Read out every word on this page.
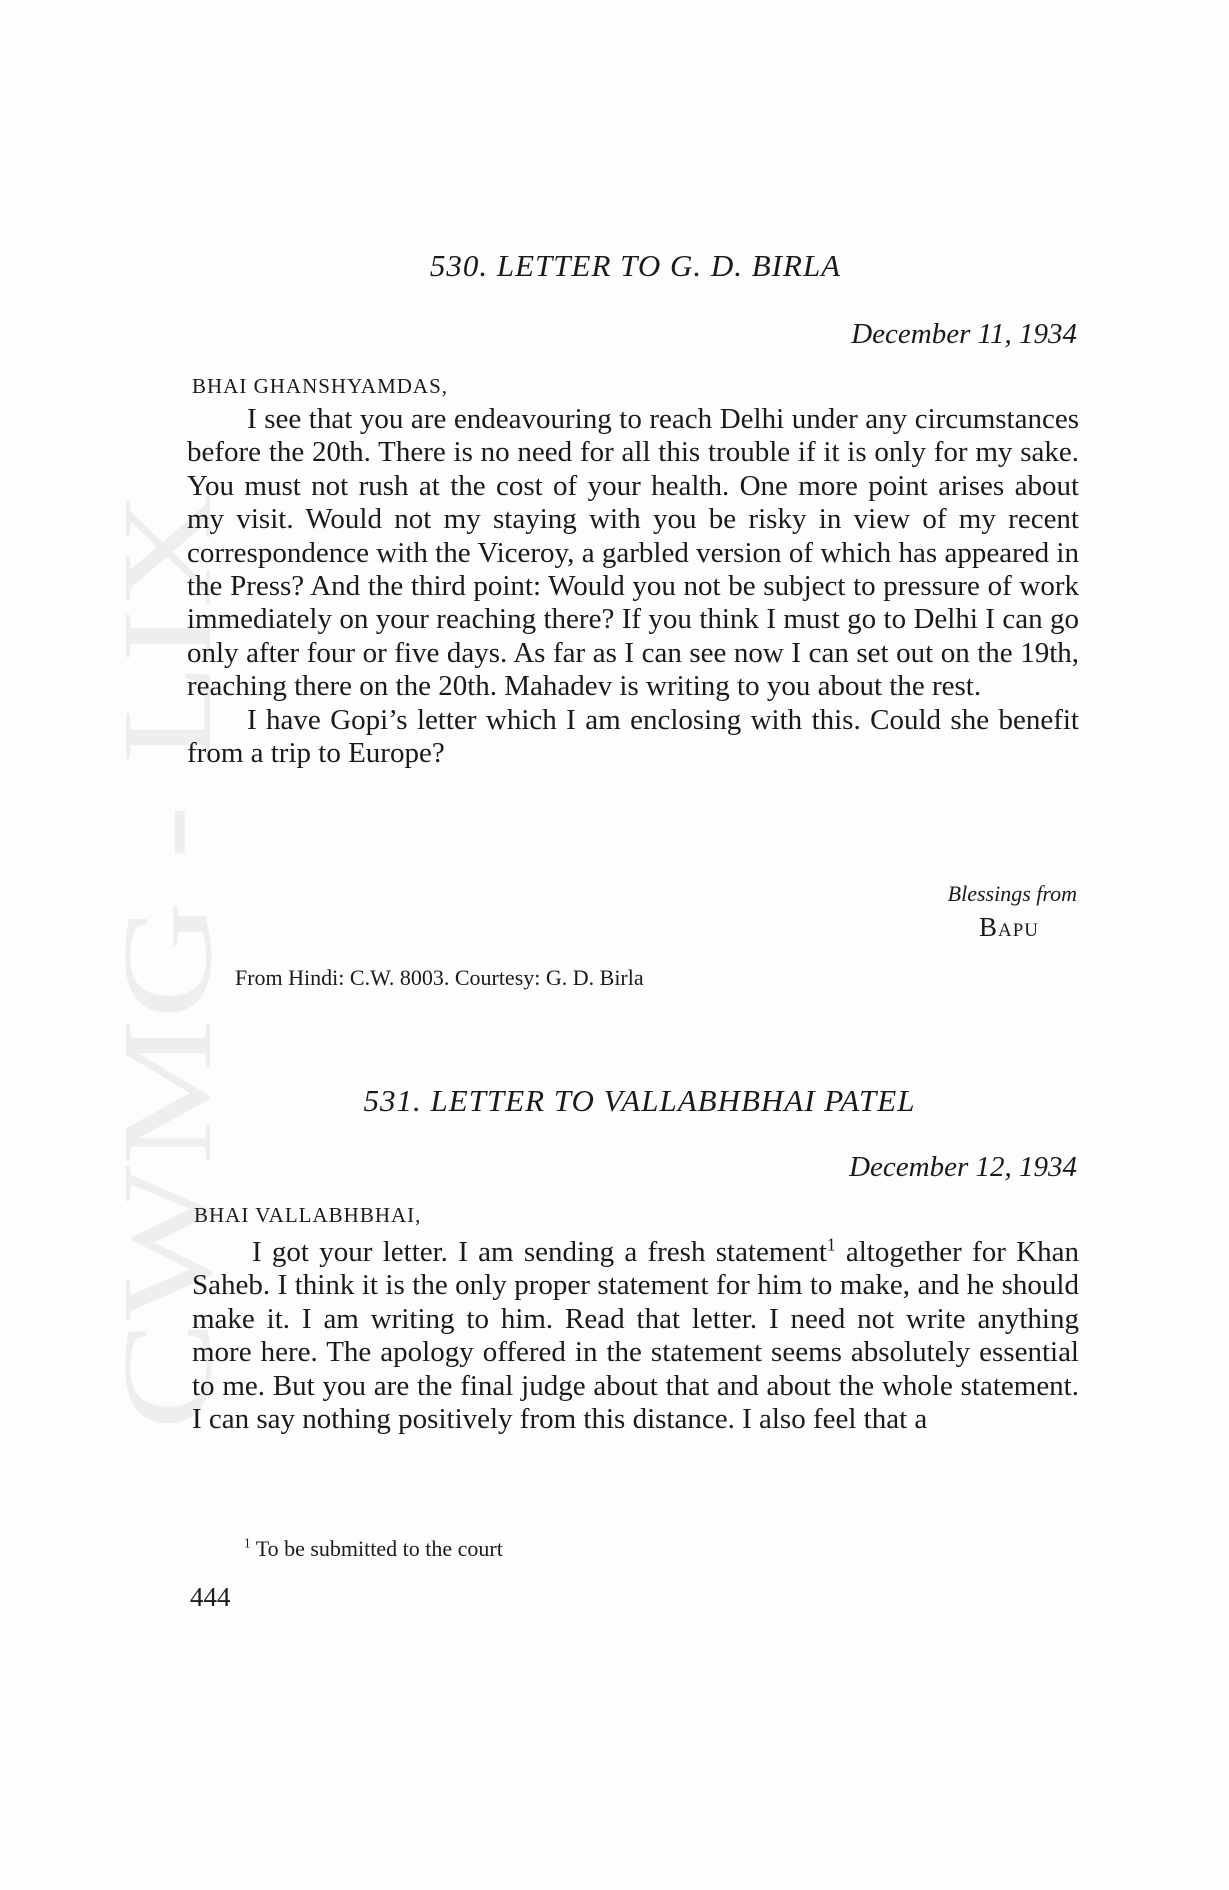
CWMG - LIX
530. LETTER TO G. D. BIRLA
December 11, 1934
BHAI GHANSHYAMDAS,

I see that you are endeavouring to reach Delhi under any circumstances before the 20th. There is no need for all this trouble if it is only for my sake. You must not rush at the cost of your health. One more point arises about my visit. Would not my staying with you be risky in view of my recent correspondence with the Viceroy, a garbled version of which has appeared in the Press? And the third point: Would you not be subject to pressure of work immediately on your reaching there? If you think I must go to Delhi I can go only after four or five days. As far as I can see now I can set out on the 19th, reaching there on the 20th. Mahadev is writing to you about the rest.

I have Gopi’s letter which I am enclosing with this. Could she benefit from a trip to Europe?

Blessings from
Bapu
From Hindi: C.W. 8003. Courtesy: G. D. Birla
531. LETTER TO VALLABHBHAI PATEL
December 12, 1934
BHAI VALLABHBHAI,

I got your letter. I am sending a fresh statement$^1$ altogether for Khan Saheb. I think it is the only proper statement for him to make, and he should make it. I am writing to him. Read that letter. I need not write anything more here. The apology offered in the statement seems absolutely essential to me. But you are the final judge about that and about the whole statement. I can say nothing positively from this distance. I also feel that a

$^1$ To be submitted to the court
444
